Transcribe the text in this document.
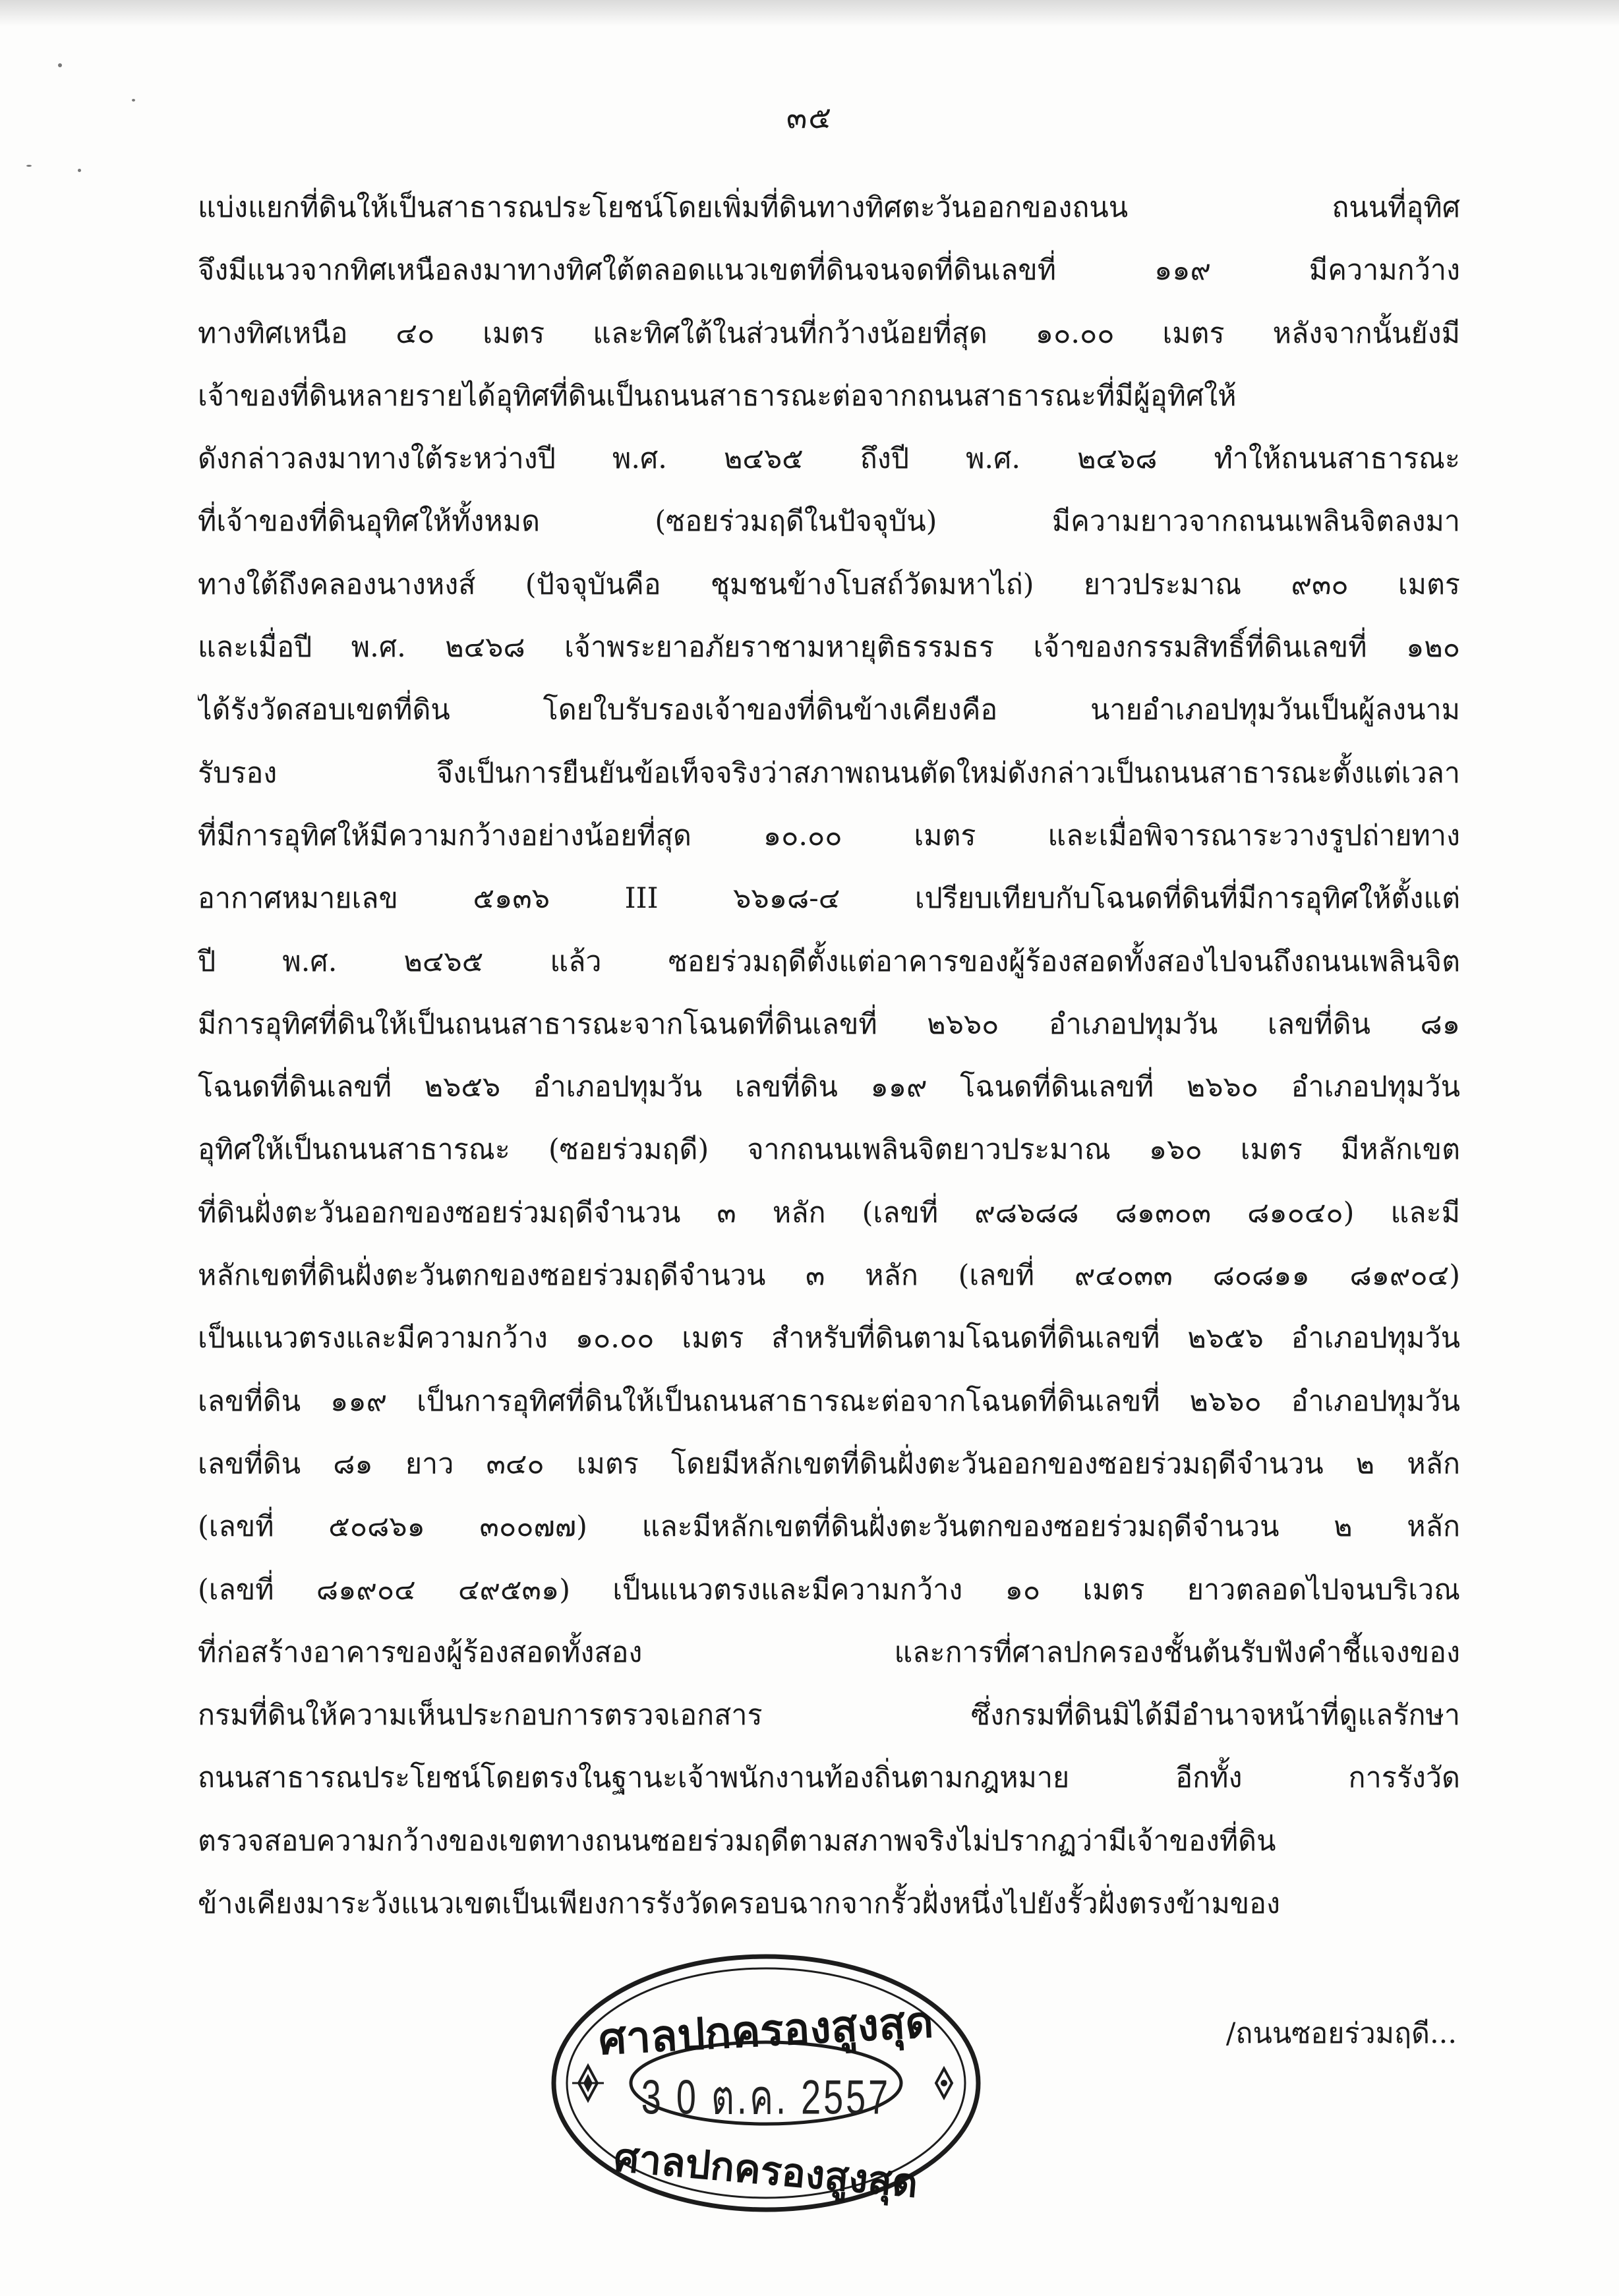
๓๕
แบ่งแยกที่ดินให้เป็นสาธารณประโยชน์โดยเพิ่มที่ดินทางทิศตะวันออกของถนน ถนนที่อุทิศ
จึงมีแนวจากทิศเหนือลงมาทางทิศใต้ตลอดแนวเขตที่ดินจนจดที่ดินเลขที่ ๑๑๙ มีความกว้าง
ทางทิศเหนือ ๔๐ เมตร และทิศใต้ในส่วนที่กว้างน้อยที่สุด ๑๐.๐๐ เมตร หลังจากนั้นยังมี
เจ้าของที่ดินหลายรายได้อุทิศที่ดินเป็นถนนสาธารณะต่อจากถนนสาธารณะที่มีผู้อุทิศให้
ดังกล่าวลงมาทางใต้ระหว่างปี พ.ศ. ๒๔๖๕ ถึงปี พ.ศ. ๒๔๖๘ ทำให้ถนนสาธารณะ
ที่เจ้าของที่ดินอุทิศให้ทั้งหมด (ซอยร่วมฤดีในปัจจุบัน) มีความยาวจากถนนเพลินจิตลงมา
ทางใต้ถึงคลองนางหงส์ (ปัจจุบันคือ ชุมชนข้างโบสถ์วัดมหาไถ่) ยาวประมาณ ๙๓๐ เมตร
และเมื่อปี พ.ศ. ๒๔๖๘ เจ้าพระยาอภัยราชามหายุติธรรมธร เจ้าของกรรมสิทธิ์ที่ดินเลขที่ ๑๒๐
ได้รังวัดสอบเขตที่ดิน โดยใบรับรองเจ้าของที่ดินข้างเคียงคือ นายอำเภอปทุมวันเป็นผู้ลงนาม
รับรอง จึงเป็นการยืนยันข้อเท็จจริงว่าสภาพถนนตัดใหม่ดังกล่าวเป็นถนนสาธารณะตั้งแต่เวลา
ที่มีการอุทิศให้มีความกว้างอย่างน้อยที่สุด ๑๐.๐๐ เมตร และเมื่อพิจารณาระวางรูปถ่ายทาง
อากาศหมายเลข ๕๑๓๖ III ๖๖๑๘-๔ เปรียบเทียบกับโฉนดที่ดินที่มีการอุทิศให้ตั้งแต่
ปี พ.ศ. ๒๔๖๕ แล้ว ซอยร่วมฤดีตั้งแต่อาคารของผู้ร้องสอดทั้งสองไปจนถึงถนนเพลินจิต
มีการอุทิศที่ดินให้เป็นถนนสาธารณะจากโฉนดที่ดินเลขที่ ๒๖๖๐ อำเภอปทุมวัน เลขที่ดิน ๘๑
โฉนดที่ดินเลขที่ ๒๖๕๖ อำเภอปทุมวัน เลขที่ดิน ๑๑๙ โฉนดที่ดินเลขที่ ๒๖๖๐ อำเภอปทุมวัน
อุทิศให้เป็นถนนสาธารณะ (ซอยร่วมฤดี) จากถนนเพลินจิตยาวประมาณ ๑๖๐ เมตร มีหลักเขต
ที่ดินฝั่งตะวันออกของซอยร่วมฤดีจำนวน ๓ หลัก (เลขที่ ๙๘๖๘๘ ๘๑๓๐๓ ๘๑๐๔๐) และมี
หลักเขตที่ดินฝั่งตะวันตกของซอยร่วมฤดีจำนวน ๓ หลัก (เลขที่ ๙๔๐๓๓ ๘๐๘๑๑ ๘๑๙๐๔)
เป็นแนวตรงและมีความกว้าง ๑๐.๐๐ เมตร สำหรับที่ดินตามโฉนดที่ดินเลขที่ ๒๖๕๖ อำเภอปทุมวัน
เลขที่ดิน ๑๑๙ เป็นการอุทิศที่ดินให้เป็นถนนสาธารณะต่อจากโฉนดที่ดินเลขที่ ๒๖๖๐ อำเภอปทุมวัน
เลขที่ดิน ๘๑ ยาว ๓๔๐ เมตร โดยมีหลักเขตที่ดินฝั่งตะวันออกของซอยร่วมฤดีจำนวน ๒ หลัก
(เลขที่ ๕๐๘๖๑ ๓๐๐๗๗) และมีหลักเขตที่ดินฝั่งตะวันตกของซอยร่วมฤดีจำนวน ๒ หลัก
(เลขที่ ๘๑๙๐๔ ๔๙๕๓๑) เป็นแนวตรงและมีความกว้าง ๑๐ เมตร ยาวตลอดไปจนบริเวณ
ที่ก่อสร้างอาคารของผู้ร้องสอดทั้งสอง และการที่ศาลปกครองชั้นต้นรับฟังคำชี้แจงของ
กรมที่ดินให้ความเห็นประกอบการตรวจเอกสาร ซึ่งกรมที่ดินมิได้มีอำนาจหน้าที่ดูแลรักษา
ถนนสาธารณประโยชน์โดยตรงในฐานะเจ้าพนักงานท้องถิ่นตามกฎหมาย อีกทั้ง การรังวัด
ตรวจสอบความกว้างของเขตทางถนนซอยร่วมฤดีตามสภาพจริงไม่ปรากฏว่ามีเจ้าของที่ดิน
ข้างเคียงมาระวังแนวเขตเป็นเพียงการรังวัดครอบฉากจากรั้วฝั่งหนึ่งไปยังรั้วฝั่งตรงข้ามของ
ศาลปกครองสูงสุด
3 0 ต.ค. 2557
ศาลปกครองสูงสุด
/ถนนซอยร่วมฤดี...
